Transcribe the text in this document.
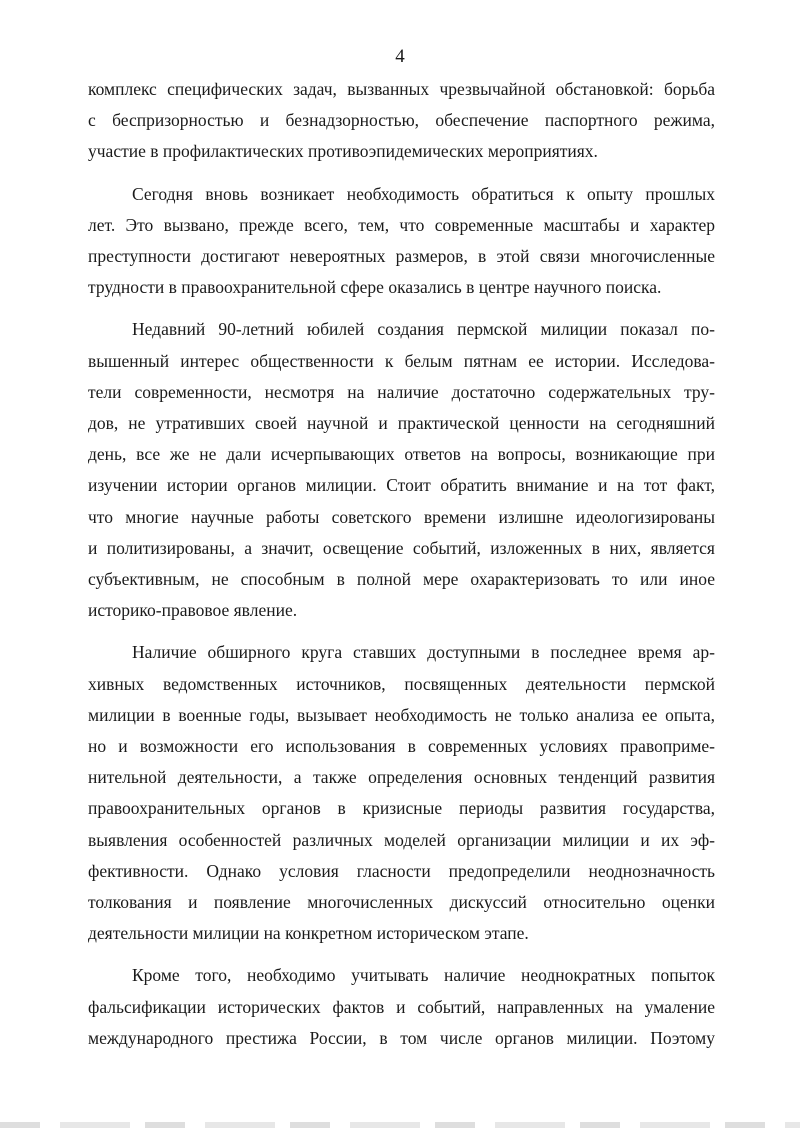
4
комплекс специфических задач, вызванных чрезвычайной обстановкой: борьба
с беспризорностью и безнадзорностью, обеспечение паспортного режима,
участие в профилактических противоэпидемических мероприятиях.
Сегодня вновь возникает необходимость обратиться к опыту прошлых
лет. Это вызвано, прежде всего, тем, что современные масштабы и характер
преступности достигают невероятных размеров, в этой связи многочисленные
трудности в правоохранительной сфере оказались в центре научного поиска.
Недавний 90-летний юбилей создания пермской милиции показал по-
вышенный интерес общественности к белым пятнам ее истории. Исследова-
тели современности, несмотря на наличие достаточно содержательных тру-
дов, не утративших своей научной и практической ценности на сегодняшний
день, все же не дали исчерпывающих ответов на вопросы, возникающие при
изучении истории органов милиции. Стоит обратить внимание и на тот факт,
что многие научные работы советского времени излишне идеологизированы
и политизированы, а значит, освещение событий, изложенных в них, является
субъективным, не способным в полной мере охарактеризовать то или иное
историко-правовое явление.
Наличие обширного круга ставших доступными в последнее время ар-
хивных ведомственных источников, посвященных деятельности пермской
милиции в военные годы, вызывает необходимость не только анализа ее опыта,
но и возможности его использования в современных условиях правоприме-
нительной деятельности, а также определения основных тенденций развития
правоохранительных органов в кризисные периоды развития государства,
выявления особенностей различных моделей организации милиции и их эф-
фективности. Однако условия гласности предопределили неоднозначность
толкования и появление многочисленных дискуссий относительно оценки
деятельности милиции на конкретном историческом этапе.
Кроме того, необходимо учитывать наличие неоднократных попыток
фальсификации исторических фактов и событий, направленных на умаление
международного престижа России, в том числе органов милиции. Поэтому
